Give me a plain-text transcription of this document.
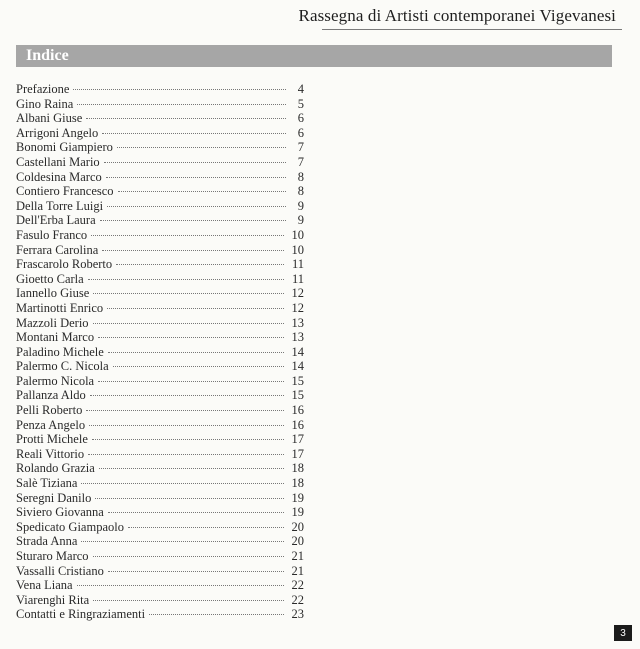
Rassegna di Artisti contemporanei Vigevanesi
Indice
Prefazione	4
Gino Raina	5
Albani Giuse	6
Arrigoni Angelo	6
Bonomi Giampiero	7
Castellani Mario	7
Coldesina Marco	8
Contiero Francesco	8
Della Torre Luigi	9
Dell'Erba Laura	9
Fasulo Franco	10
Ferrara Carolina	10
Frascarolo Roberto	11
Gioetto Carla	11
Iannello Giuse	12
Martinotti Enrico	12
Mazzoli Derio	13
Montani Marco	13
Paladino Michele	14
Palermo C. Nicola	14
Palermo Nicola	15
Pallanza Aldo	15
Pelli Roberto	16
Penza Angelo	16
Protti Michele	17
Reali Vittorio	17
Rolando Grazia	18
Salè Tiziana	18
Seregni Danilo	19
Siviero Giovanna	19
Spedicato Giampaolo	20
Strada Anna	20
Sturaro Marco	21
Vassalli Cristiano	21
Vena Liana	22
Viarenghi Rita	22
Contatti e Ringraziamenti	23
3
